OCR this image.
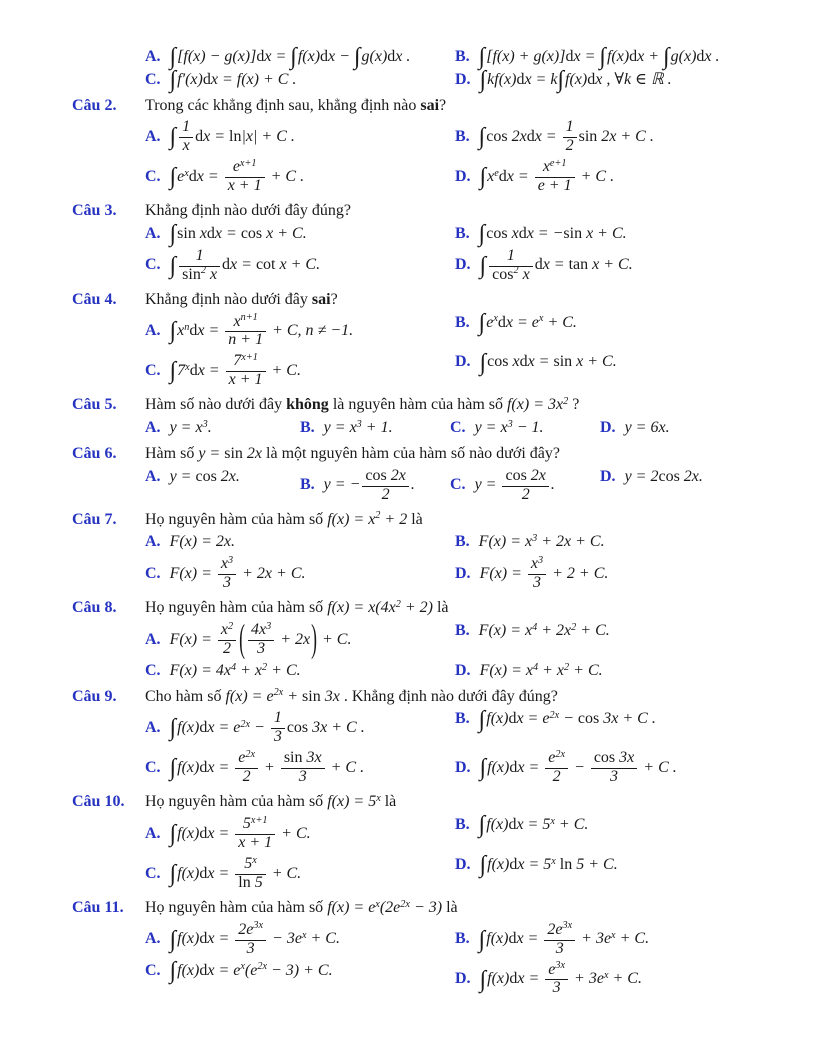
A. ∫[f(x) − g(x)]dx = ∫f(x)dx − ∫g(x)dx .	B. ∫[f(x) + g(x)]dx = ∫f(x)dx + ∫g(x)dx .
C. ∫f′(x)dx = f(x) + C .	D. ∫kf(x)dx = k∫f(x)dx , ∀k ∈ ℝ .
Câu 2.	Trong các khẳng định sau, khẳng định nào sai?
A. ∫ $\frac{1}{x}$ dx = ln|x| + C .	B. ∫cos $2xdx = \frac{1}{2}$ sin 2x + C .
C. $\int e^xdx = \frac{e^{x+1}}{x + 1} + C$ .	D. $\int x^edx = \frac{x^{e+1}}{e + 1} + C$ .
Câu 3.	Khẳng định nào dưới đây đúng?
A. ∫sin xdx = cos x + C.	B. ∫cos xdx = −sin x + C.
C. ∫ $\frac{1}{\sin^2 x}$ dx = cot x + C.	D. ∫ $\frac{1}{\cos^2 x}$ dx = tan x + C.
Câu 4.	Khẳng định nào dưới đây sai?
A. $\int x^ndx = \frac{x^{n+1}}{n + 1} + C$, n ≠ −1.
B. $\int e^xdx = e^x + C$.
C. $\int 7^xdx = \frac{7^{x+1}}{x + 1} + C$.
D. ∫cos xdx = sin x + C.
Câu 5.	Hàm số nào dưới đây không là nguyên hàm của hàm số $f(x) = 3x^2$ ?
A. $y = x^3$.	B. $y = x^3 + 1$.	C. $y = x^3 - 1$.	D. y = 6x.
Câu 6.	Hàm số y = sin 2x là một nguyên hàm của hàm số nào dưới đây?
A. y = cos 2x.
B. y = − $\frac{\cos 2x}{2}$ .	C. $y = \frac{\cos 2x}{2}$ .
D. y = 2cos 2x.
Câu 7.	Họ nguyên hàm của hàm số $f(x) = x^2 + 2$ là
A. F(x) = 2x.	B. $F(x) = x^3 + 2x + C$.
C. $F(x) = \frac{x^3}{3} + 2x + C$.	D. $F(x) = \frac{x^3}{3} + 2 + C$.
Câu 8.	Họ nguyên hàm của hàm số $f(x) = x(4x^2 + 2)$ là
A. $F(x) = \frac{x^2}{2}$ ( $\frac{4x^3}{3} + 2x) + C$.
B. $F(x) = x^4 + 2x^2 + C$.
C. $F(x) = 4x^4 + x^2 + C$.	D. $F(x) = x^4 + x^2 + C$.
Câu 9.	Cho hàm số $f(x) = e^{2x} + \sin 3x$ . Khẳng định nào dưới đây đúng?
A. $\int f(x)dx = e^{2x} - \frac{1}{3}$ cos 3x + C .
B. $\int f(x)dx = e^{2x} - \cos 3x + C$ .
C. $\int f(x)dx = \frac{e^{2x}}{2} + \frac{\sin 3x}{3} + C$ .	D. $\int f(x)dx = \frac{e^{2x}}{2} - \frac{\cos 3x}{3} + C$ .
Câu 10.	Họ nguyên hàm của hàm số $f(x) = 5^x$ là
A. $\int f(x)dx = \frac{5^{x+1}}{x + 1} + C$.
B. $\int f(x)dx = 5^x + C$.
C. $\int f(x)dx = \frac{5^x}{\ln 5} + C$.
D. $\int f(x)dx = 5^x$ ln 5 + C.
Câu 11.	Họ nguyên hàm của hàm số $f(x) = e^x(2e^{2x} - 3)$ là
A. $\int f(x)dx = \frac{2e^{3x}}{3} - 3e^x + C$.	B. $\int f(x)dx = \frac{2e^{3x}}{3} + 3e^x + C$.
C. $\int f(x)dx = e^x(e^{2x} - 3) + C$.
D. $\int f(x)dx = \frac{e^{3x}}{3} + 3e^x + C$.
